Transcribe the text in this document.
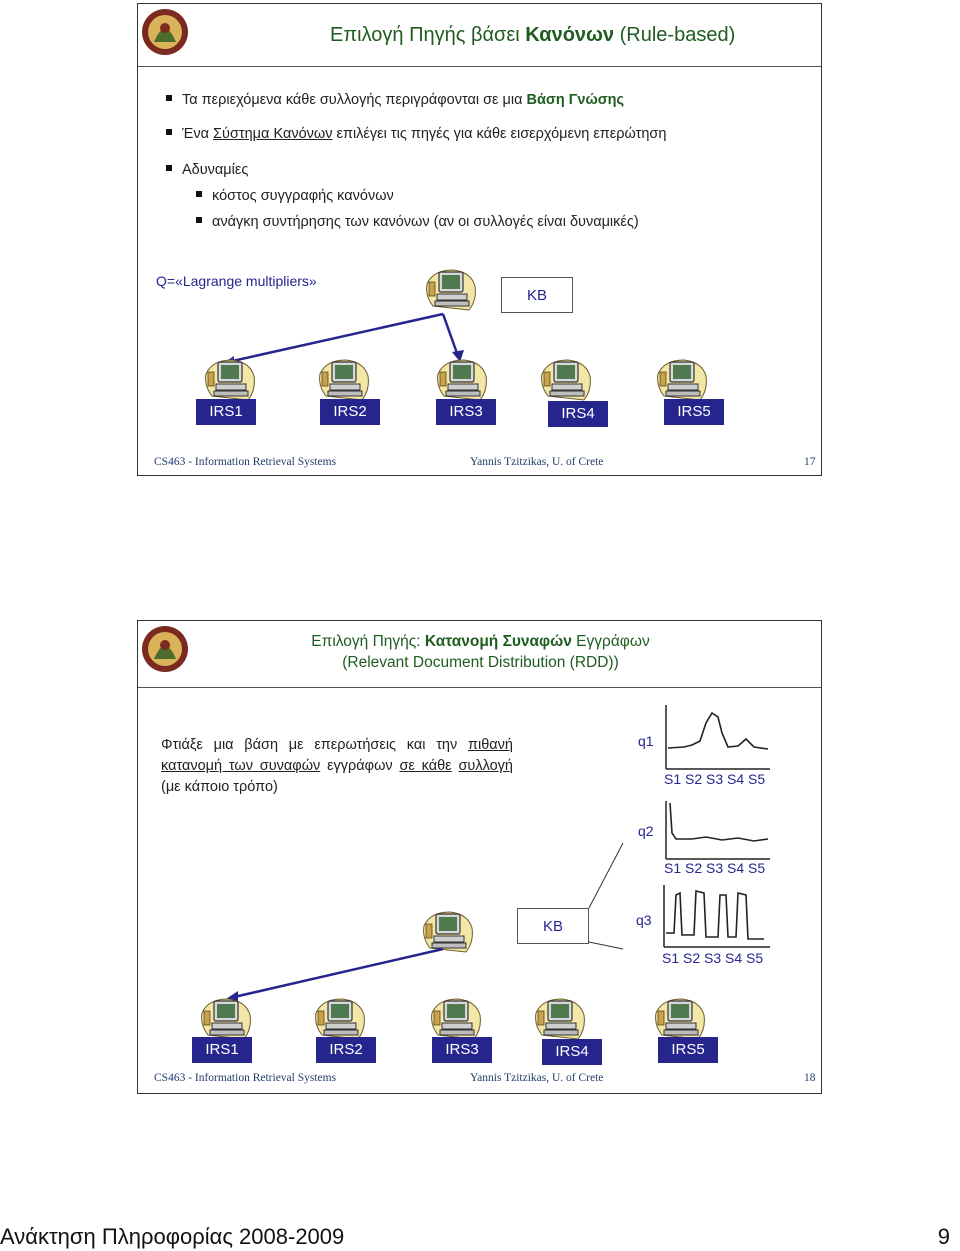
Επιλογή Πηγής βάσει Κανόνων (Rule-based)
Τα περιεχόμενα κάθε συλλογής περιγράφονται σε μια Βάση Γνώσης
Ένα Σύστημα Κανόνων επιλέγει τις πηγές για κάθε εισερχόμενη επερώτηση
Αδυναμίες
κόστος συγγραφής κανόνων
ανάγκη συντήρησης των κανόνων (αν οι συλλογές είναι δυναμικές)
Q=«Lagrange multipliers»
KB
IRS1	IRS2	IRS3	IRS4	IRS5
CS463 - Information Retrieval Systems	Yannis Tzitzikas, U. of Crete	17
Επιλογή Πηγής: Κατανομή Συναφών Εγγράφων
(Relevant Document Distribution (RDD))
Φτιάξε μια βάση με επερωτήσεις και την πιθανή κατανομή των συναφών εγγράφων σε κάθε συλλογή (με κάποιο τρόπο)
q1
S1 S2 S3 S4 S5
q2
S1 S2 S3 S4 S5
KB	q3
S1 S2 S3 S4 S5
IRS1	IRS2	IRS3	IRS4	IRS5
CS463 - Information Retrieval Systems	Yannis Tzitzikas, U. of Crete	18
Ανάκτηση Πληροφορίας 2008-2009	9
